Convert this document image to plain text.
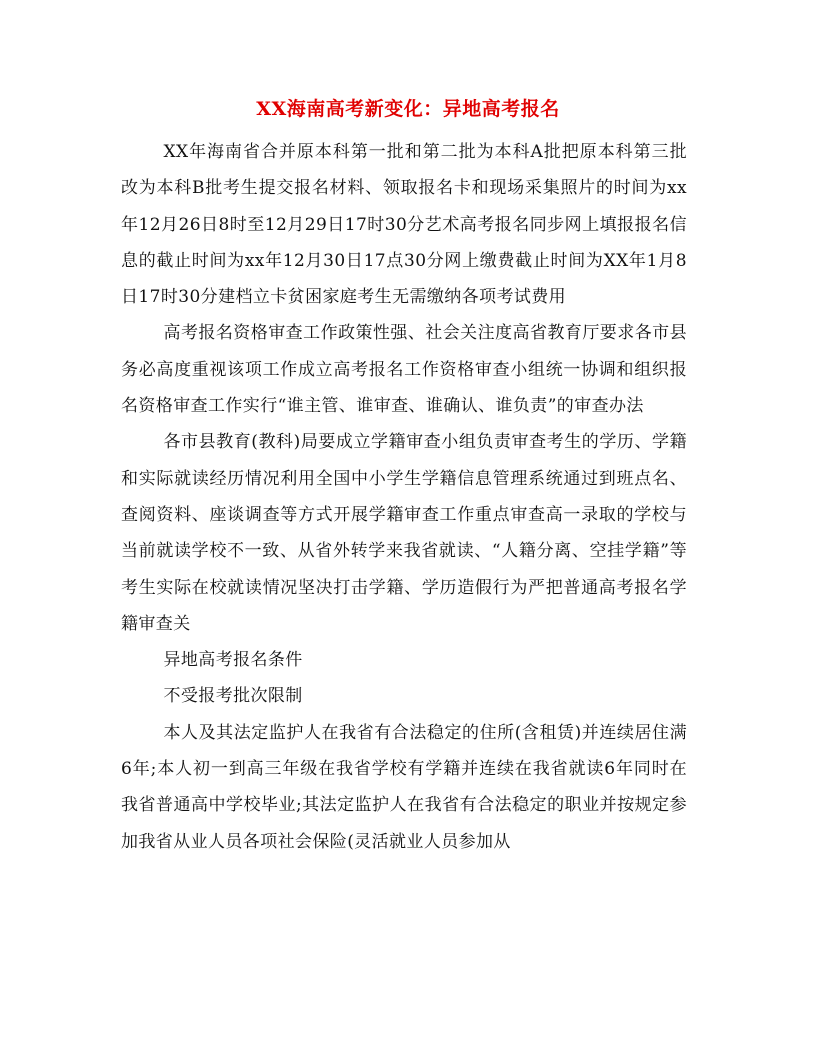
XX海南高考新变化：异地高考报名

XX年海南省合并原本科第一批和第二批为本科A批把原本科第三批改为本科B批考生提交报名材料、领取报名卡和现场采集照片的时间为xx年12月26日8时至12月29日17时30分艺术高考报名同步网上填报报名信息的截止时间为xx年12月30日17点30分网上缴费截止时间为XX年1月8日17时30分建档立卡贫困家庭考生无需缴纳各项考试费用

高考报名资格审查工作政策性强、社会关注度高省教育厅要求各市县务必高度重视该项工作成立高考报名工作资格审查小组统一协调和组织报名资格审查工作实行“谁主管、谁审查、谁确认、谁负责”的审查办法

各市县教育(教科)局要成立学籍审查小组负责审查考生的学历、学籍和实际就读经历情况利用全国中小学生学籍信息管理系统通过到班点名、查阅资料、座谈调查等方式开展学籍审查工作重点审查高一录取的学校与当前就读学校不一致、从省外转学来我省就读、“人籍分离、空挂学籍”等考生实际在校就读情况坚决打击学籍、学历造假行为严把普通高考报名学籍审查关

异地高考报名条件

不受报考批次限制

本人及其法定监护人在我省有合法稳定的住所(含租赁)并连续居住满6年;本人初一到高三年级在我省学校有学籍并连续在我省就读6年同时在我省普通高中学校毕业;其法定监护人在我省有合法稳定的职业并按规定参加我省从业人员各项社会保险(灵活就业人员参加从
